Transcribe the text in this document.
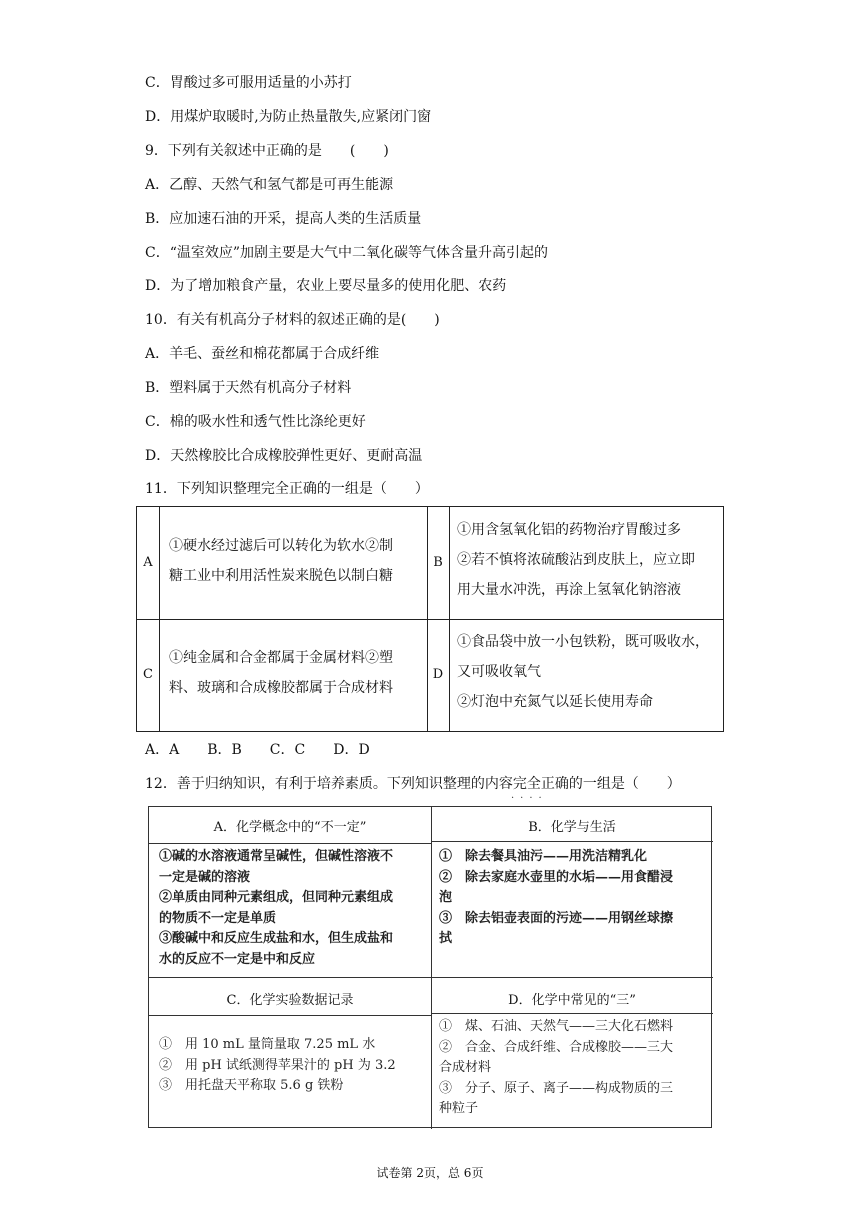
C．胃酸过多可服用适量的小苏打
D．用煤炉取暖时,为防止热量散失,应紧闭门窗
9．下列有关叙述中正确的是　　(　　)
A．乙醇、天然气和氢气都是可再生能源
B．应加速石油的开采，提高人类的生活质量
C．“温室效应”加剧主要是大气中二氧化碳等气体含量升高引起的
D．为了增加粮食产量，农业上要尽量多的使用化肥、农药
10．有关有机高分子材料的叙述正确的是(　　)
A．羊毛、蚕丝和棉花都属于合成纤维
B．塑料属于天然有机高分子材料
C．棉的吸水性和透气性比涤纶更好
D．天然橡胶比合成橡胶弹性更好、更耐高温
11．下列知识整理完全正确的一组是（　　）
A
①硬水经过滤后可以转化为软水②制
糖工业中利用活性炭来脱色以制白糖
B
①用含氢氧化铝的药物治疗胃酸过多
②若不慎将浓硫酸沾到皮肤上，应立即
用大量水冲洗，再涂上氢氧化钠溶液
C
①纯金属和合金都属于金属材料②塑
料、玻璃和合成橡胶都属于合成材料
D
①食品袋中放一小包铁粉，既可吸收水，
又可吸收氧气
②灯泡中充氮气以延长使用寿命
A．A　　B．B　　C．C　　D．D
12．善于归纳知识，有利于培养素质。下列知识整理的内容完全正确的一组是（　　）
····
A．化学概念中的“不一定”	B．化学与生活
①碱的水溶液通常呈碱性，但碱性溶液不
一定是碱的溶液
②单质由同种元素组成，但同种元素组成
的物质不一定是单质
③酸碱中和反应生成盐和水，但生成盐和
水的反应不一定是中和反应
①　除去餐具油污——用洗洁精乳化
②　除去家庭水壶里的水垢——用食醋浸
泡
③　除去铝壶表面的污迹——用钢丝球擦
拭
C．化学实验数据记录	D．化学中常见的“三”
①　用 10 mL 量筒量取 7.25 mL 水
②　用 pH 试纸测得苹果汁的 pH 为 3.2
③　用托盘天平称取 5.6 g 铁粉
①　煤、石油、天然气——三大化石燃料
②　合金、合成纤维、合成橡胶——三大
合成材料
③　分子、原子、离子——构成物质的三
种粒子
试卷第 2页，总 6页
